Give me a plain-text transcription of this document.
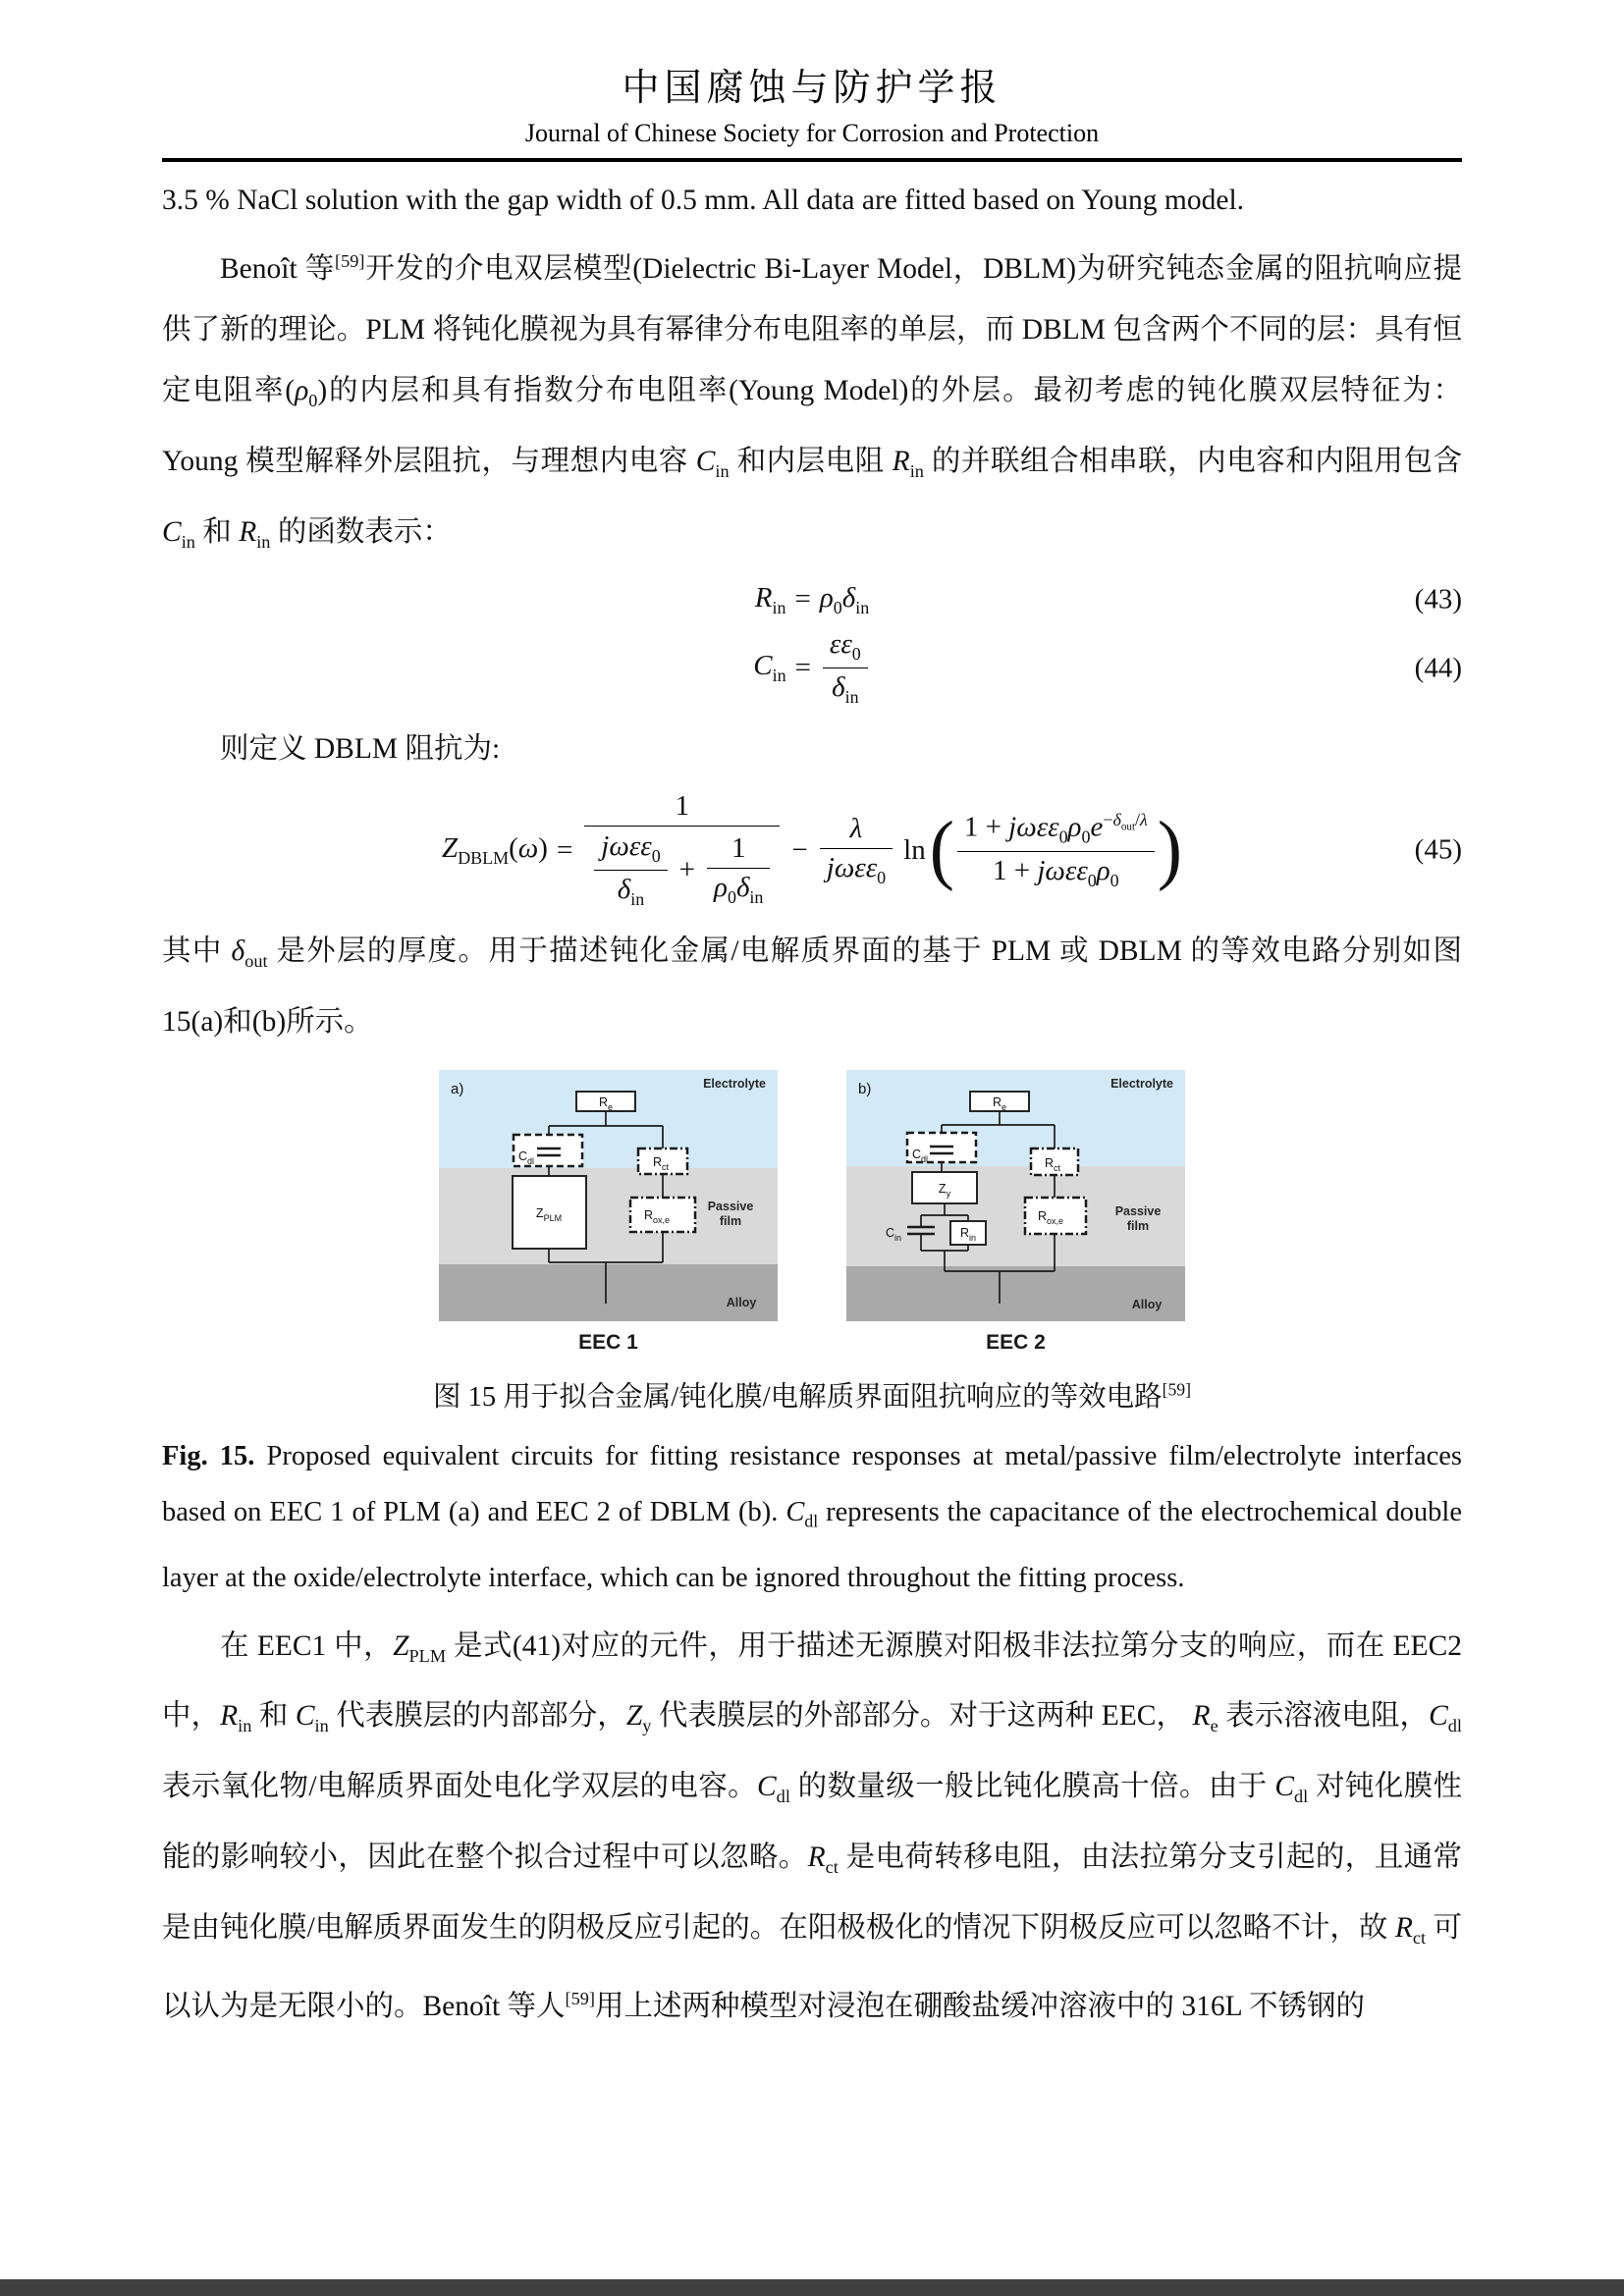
中国腐蚀与防护学报
Journal of Chinese Society for Corrosion and Protection

3.5 % NaCl solution with the gap width of 0.5 mm. All data are fitted based on Young model.

Benoît 等[59]开发的介电双层模型(Dielectric Bi-Layer Model，DBLM)为研究钝态金属的阻抗响应提供了新的理论。PLM 将钝化膜视为具有幂律分布电阻率的单层，而 DBLM 包含两个不同的层：具有恒定电阻率$(\rho_0)$的内层和具有指数分布电阻率(Young Model)的外层。最初考虑的钝化膜双层特征为：Young 模型解释外层阻抗，与理想内电容 $C_{in}$ 和内层电阻 $R_{in}$ 的并联组合相串联，内电容和内阻用包含 $C_{in}$ 和 $R_{in}$ 的函数表示：

$R_{in} = \rho_0\delta_{in}$	(43)
$C_{in} = \frac{\varepsilon\varepsilon_0}{\delta_{in}}$	(44)

则定义 DBLM 阻抗为:

$Z_{DBLM}(\omega) = \frac{1}{\frac{j\omega\varepsilon\varepsilon_0}{\delta_{in}} + \frac{1}{\rho_0\delta_{in}}} - \frac{\lambda}{j\omega\varepsilon\varepsilon_0} \ln( \frac{1 + j\omega\varepsilon\varepsilon_0\rho_0e^{-\delta_{out}/\lambda}}{1 + j\omega\varepsilon\varepsilon_0\rho_0}$ )	(45)

其中 $\delta_{out}$ 是外层的厚度。用于描述钝化金属/电解质界面的基于 PLM 或 DBLM 的等效电路分别如图 15(a)和(b)所示。

$R_e$
$C_{dl}$
$Z_{PLM}$
$R_{ct}$
$R_{ox,e}$
a)	Electrolyte
Passive
film
Alloy
EEC 1
$R_e$
$C_{dl}$
$Z_y$
$C_{in}$	$R_{in}$
$R_{ct}$
$R_{ox,e}$
b)	Electrolyte
Passive
film
Alloy
EEC 2
图 15 用于拟合金属/钝化膜/电解质界面阻抗响应的等效电路[59]
Fig. 15. Proposed equivalent circuits for fitting resistance responses at metal/passive film/electrolyte interfaces based on EEC 1 of PLM (a) and EEC 2 of DBLM (b). $C_{dl}$ represents the capacitance of the electrochemical double layer at the oxide/electrolyte interface, which can be ignored throughout the fitting process.

在 EEC1 中，$Z_{PLM}$ 是式(41)对应的元件，用于描述无源膜对阳极非法拉第分支的响应，而在 EEC2 中，$R_{in}$ 和 $C_{in}$ 代表膜层的内部部分，$Z_y$ 代表膜层的外部部分。对于这两种 EEC， $R_e$ 表示溶液电阻，$C_{dl}$ 表示氧化物/电解质界面处电化学双层的电容。$C_{dl}$ 的数量级一般比钝化膜高十倍。由于 $C_{dl}$ 对钝化膜性能的影响较小，因此在整个拟合过程中可以忽略。$R_{ct}$ 是电荷转移电阻，由法拉第分支引起的，且通常是由钝化膜/电解质界面发生的阴极反应引起的。在阳极极化的情况下阴极反应可以忽略不计，故 $R_{ct}$ 可以认为是无限小的。Benoît 等人[59]用上述两种模型对浸泡在硼酸盐缓冲溶液中的 316L 不锈钢的
